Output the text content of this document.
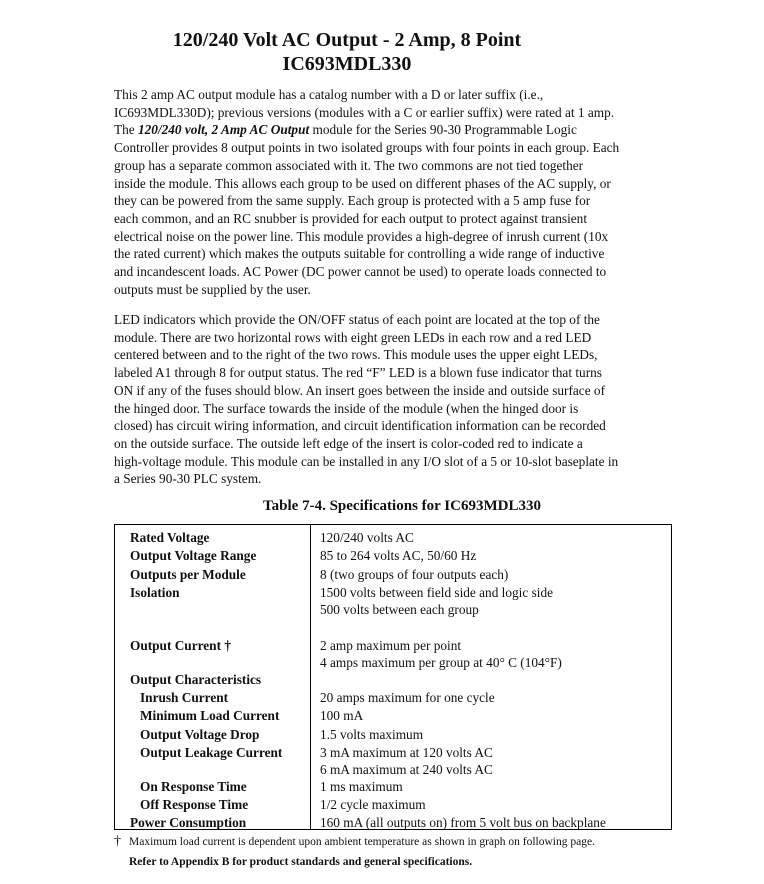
120/240 Volt AC Output - 2 Amp, 8 Point
IC693MDL330

This 2 amp AC output module has a catalog number with a D or later suffix (i.e.,
IC693MDL330D); previous versions (modules with a C or earlier suffix) were rated at 1 amp.
The 120/240 volt, 2 Amp AC Output module for the Series 90-30 Programmable Logic
Controller provides 8 output points in two isolated groups with four points in each group. Each
group has a separate common associated with it. The two commons are not tied together
inside the module. This allows each group to be used on different phases of the AC supply, or
they can be powered from the same supply. Each group is protected with a 5 amp fuse for
each common, and an RC snubber is provided for each output to protect against transient
electrical noise on the power line. This module provides a high-degree of inrush current (10x
the rated current) which makes the outputs suitable for controlling a wide range of inductive
and incandescent loads. AC Power (DC power cannot be used) to operate loads connected to
outputs must be supplied by the user.

LED indicators which provide the ON/OFF status of each point are located at the top of the
module. There are two horizontal rows with eight green LEDs in each row and a red LED
centered between and to the right of the two rows. This module uses the upper eight LEDs,
labeled A1 through 8 for output status. The red “F” LED is a blown fuse indicator that turns
ON if any of the fuses should blow. An insert goes between the inside and outside surface of
the hinged door. The surface towards the inside of the module (when the hinged door is
closed) has circuit wiring information, and circuit identification information can be recorded
on the outside surface. The outside left edge of the insert is color-coded red to indicate a
high-voltage module. This module can be installed in any I/O slot of a 5 or 10-slot baseplate in
a Series 90-30 PLC system.

Table 7-4. Specifications for IC693MDL330

Rated Voltage	120/240 volts AC
Output Voltage Range	85 to 264 volts AC, 50/60 Hz
Outputs per Module	8 (two groups of four outputs each)
Isolation	1500 volts between field side and logic side
500 volts between each group
Output Current †	2 amp maximum per point
4 amps maximum per group at 40° C (104°F)
Output Characteristics
Inrush Current	20 amps maximum for one cycle
Minimum Load Current	100 mA
Output Voltage Drop	1.5 volts maximum
Output Leakage Current	3 mA maximum at 120 volts AC
6 mA maximum at 240 volts AC
On Response Time	1 ms maximum
Off Response Time	1/2 cycle maximum
Power Consumption	160 mA (all outputs on) from 5 volt bus on backplane

† Maximum load current is dependent upon ambient temperature as shown in graph on following page.

Refer to Appendix B for product standards and general specifications.
